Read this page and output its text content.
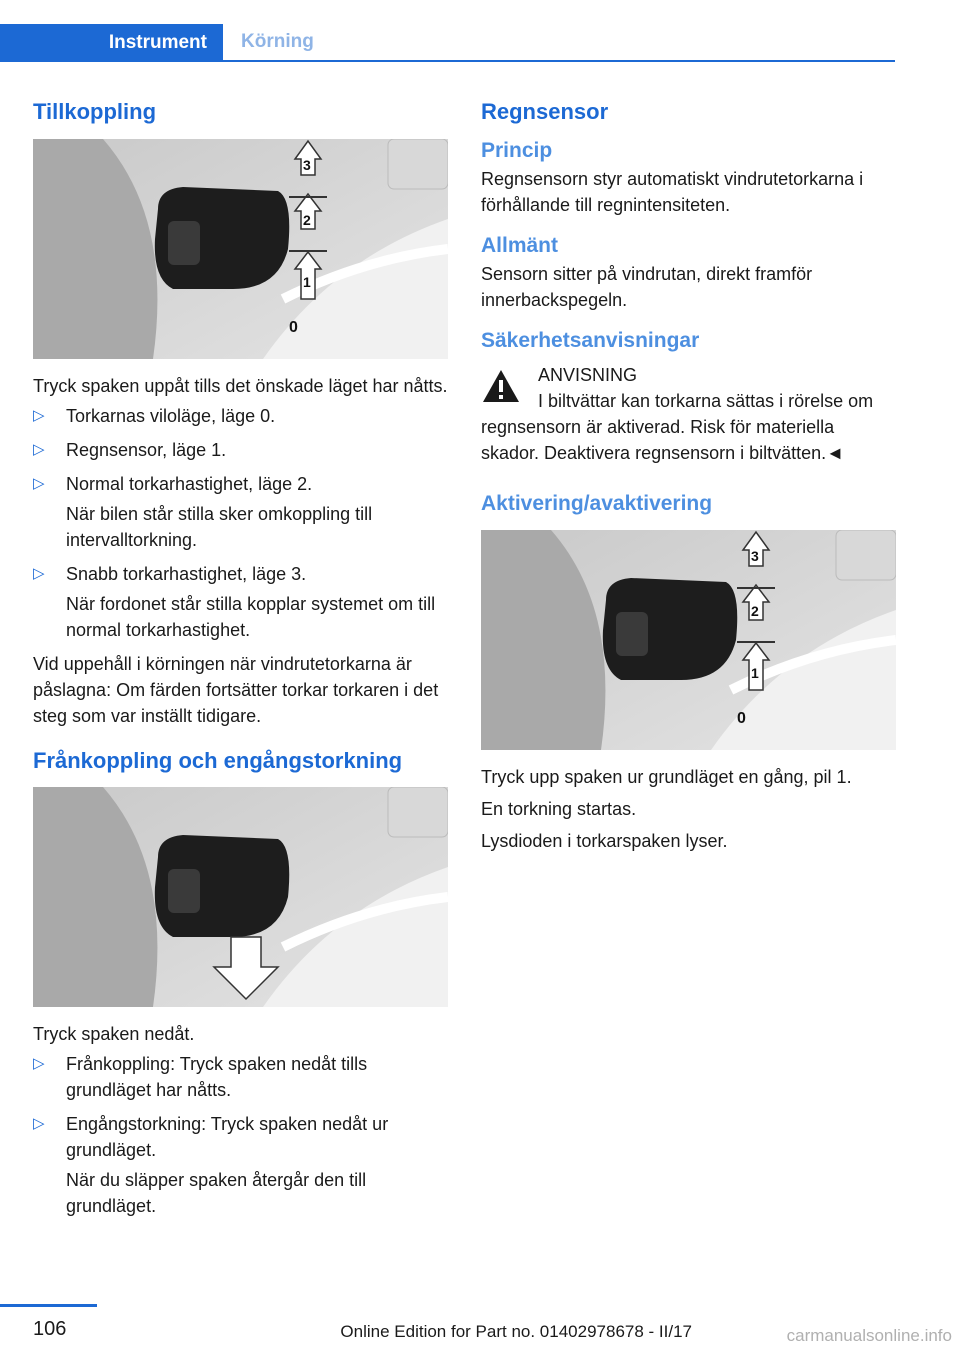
Instrument	Körning
Tillkoppling
3
2
1
0

Tryck spaken uppåt tills det önskade läget har nåtts.

▷ Torkarnas viloläge, läge 0.
▷ Regnsensor, läge 1.
▷ Normal torkarhastighet, läge 2.
När bilen står stilla sker omkoppling till intervalltorkning.
▷ Snabb torkarhastighet, läge 3.
När fordonet står stilla kopplar systemet om till normal torkarhastighet.

Vid uppehåll i körningen när vindrutetorkarna är påslagna: Om färden fortsätter torkar torkaren i det steg som var inställt tidigare.

Frånkoppling och engångstorkning

Tryck spaken nedåt.

▷ Frånkoppling: Tryck spaken nedåt tills grundläget har nåtts.
▷ Engångstorkning: Tryck spaken nedåt ur grundläget.
När du släpper spaken återgår den till grundläget.
Regnsensor
Princip

Regnsensorn styr automatiskt vindrutetorkarna i förhållande till regnintensiteten.

Allmänt

Sensorn sitter på vindrutan, direkt framför innerbackspegeln.

Säkerhetsanvisningar

ANVISNING

I biltvättar kan torkarna sättas i rörelse om regnsensorn är aktiverad. Risk för materiella skador. Deaktivera regnsensorn i biltvätten.◄

Aktivering/avaktivering
3
2
1
0

Tryck upp spaken ur grundläget en gång, pil 1.

En torkning startas.

Lysdioden i torkarspaken lyser.

106	Online Edition for Part no. 01402978678 - II/17	carmanualsonline.info
